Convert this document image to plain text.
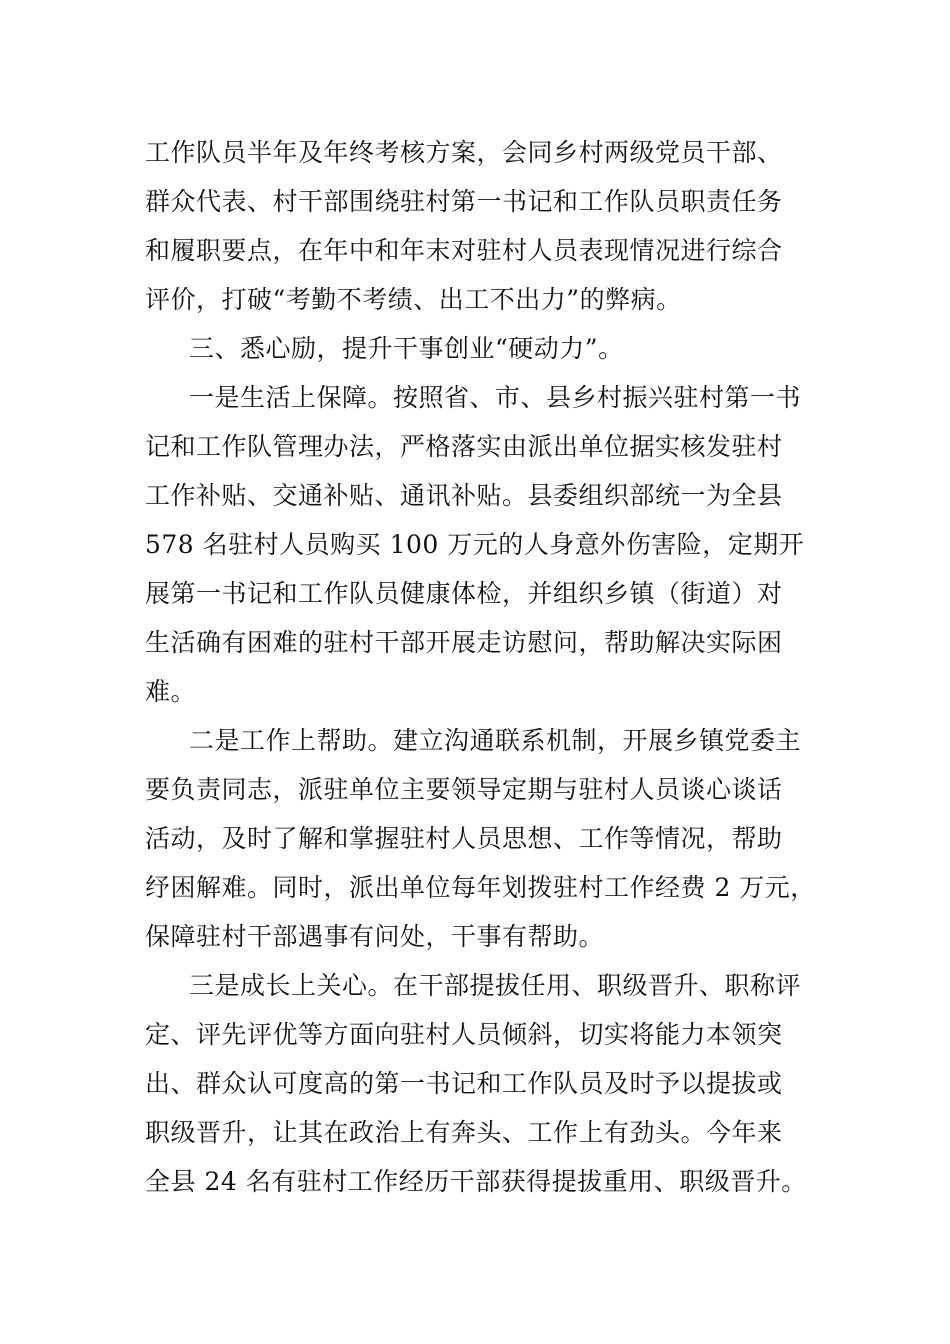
工作队员半年及年终考核方案，会同乡村两级党员干部、
群众代表、村干部围绕驻村第一书记和工作队员职责任务
和履职要点，在年中和年末对驻村人员表现情况进行综合
评价，打破“考勤不考绩、出工不出力”的弊病。
三、悉心励，提升干事创业“硬动力”。
一是生活上保障。按照省、市、县乡村振兴驻村第一书
记和工作队管理办法，严格落实由派出单位据实核发驻村
工作补贴、交通补贴、通讯补贴。县委组织部统一为全县
578 名驻村人员购买 100 万元的人身意外伤害险，定期开
展第一书记和工作队员健康体检，并组织乡镇（街道）对
生活确有困难的驻村干部开展走访慰问，帮助解决实际困
难。
二是工作上帮助。建立沟通联系机制，开展乡镇党委主
要负责同志，派驻单位主要领导定期与驻村人员谈心谈话
活动，及时了解和掌握驻村人员思想、工作等情况，帮助
纾困解难。同时，派出单位每年划拨驻村工作经费 2 万元，
保障驻村干部遇事有问处，干事有帮助。
三是成长上关心。在干部提拔任用、职级晋升、职称评
定、评先评优等方面向驻村人员倾斜，切实将能力本领突
出、群众认可度高的第一书记和工作队员及时予以提拔或
职级晋升，让其在政治上有奔头、工作上有劲头。今年来
全县 24 名有驻村工作经历干部获得提拔重用、职级晋升。
